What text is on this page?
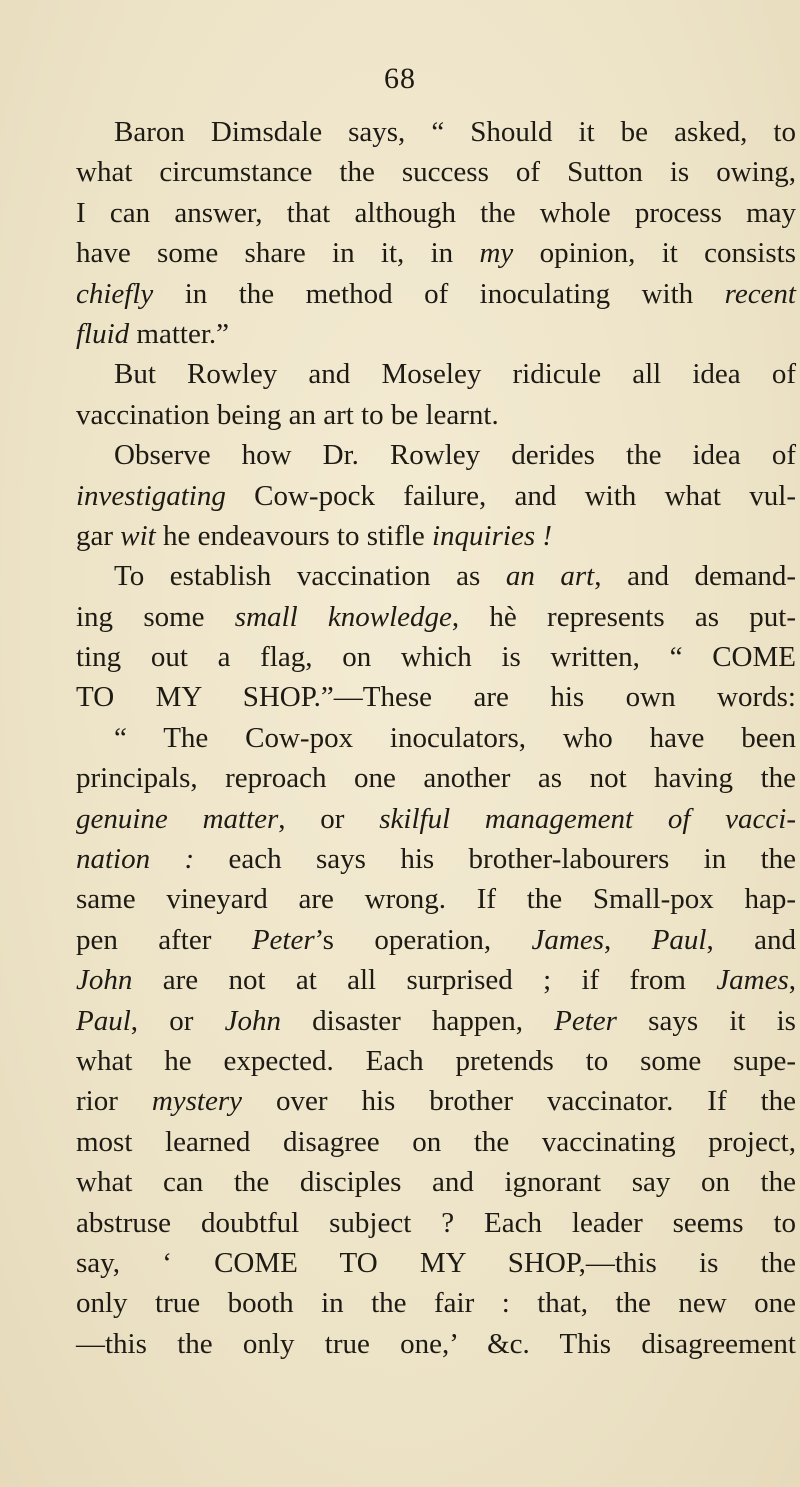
68
Baron Dimsdale says, “ Should it be asked, to
what circumstance the success of Sutton is owing,
I can answer, that although the whole process may
have some share in it, in my opinion, it consists
chiefly in the method of inoculating with recent
fluid matter.”
But Rowley and Moseley ridicule all idea of
vaccination being an art to be learnt.
Observe how Dr. Rowley derides the idea of
investigating Cow-pock failure, and with what vul-
gar wit he endeavours to stifle inquiries !
To establish vaccination as an art, and demand-
ing some small knowledge, hè represents as put-
ting out a flag, on which is written, “ COME
TO MY SHOP.”—These are his own words:
“ The Cow-pox inoculators, who have been
principals, reproach one another as not having the
genuine matter, or skilful management of vacci-
nation : each says his brother-labourers in the
same vineyard are wrong. If the Small-pox hap-
pen after Peter’s operation, James, Paul, and
John are not at all surprised ; if from James,
Paul, or John disaster happen, Peter says it is
what he expected. Each pretends to some supe-
rior mystery over his brother vaccinator. If the
most learned disagree on the vaccinating project,
what can the disciples and ignorant say on the
abstruse doubtful subject ? Each leader seems to
say, ‘ COME TO MY SHOP,—this is the
only true booth in the fair : that, the new one
—this the only true one,’ &c. This disagreement
